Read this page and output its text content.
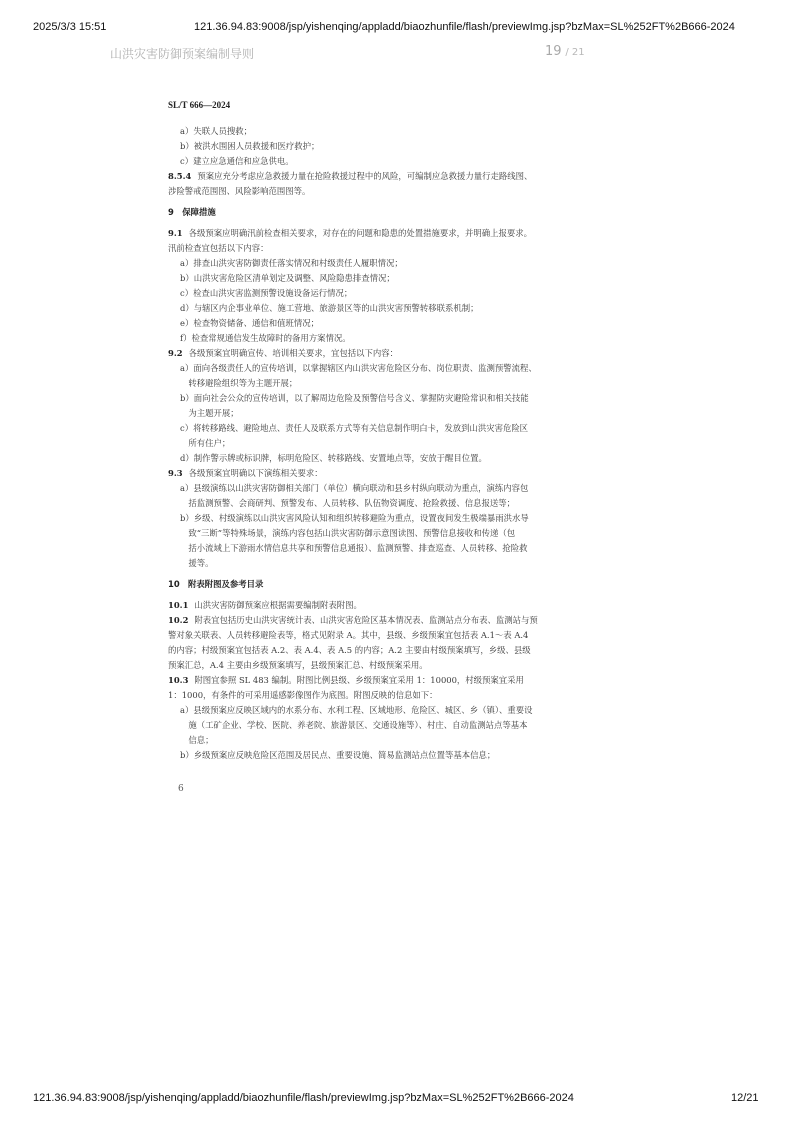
2025/3/3 15:51	121.36.94.83:9008/jsp/yishenqing/appladd/biaozhunfile/flash/previewImg.jsp?bzMax=SL%252FT%2B666-2024
山洪灾害防御预案编制导则	19 / 21
SL/T 666—2024
a）失联人员搜救；
b）被洪水围困人员救援和医疗救护；
c）建立应急通信和应急供电。
8.5.4 预案应充分考虑应急救援力量在抢险救援过程中的风险，可编制应急救援力量行走路线图、
涉险警戒范围图、风险影响范围图等。
9　保障措施
9.1 各级预案应明确汛前检查相关要求，对存在的问题和隐患的处置措施要求，并明确上报要求。
汛前检查宜包括以下内容：
a）排查山洪灾害防御责任落实情况和村级责任人履职情况；
b）山洪灾害危险区清单划定及调整、风险隐患排查情况；
c）检查山洪灾害监测预警设施设备运行情况；
d）与辖区内企事业单位、施工营地、旅游景区等的山洪灾害预警转移联系机制；
e）检查物资储备、通信和值班情况；
f）检查常规通信发生故障时的备用方案情况。
9.2 各级预案宜明确宣传、培训相关要求，宜包括以下内容：
a）面向各级责任人的宣传培训，以掌握辖区内山洪灾害危险区分布、岗位职责、监测预警流程、
　转移避险组织等为主题开展；
b）面向社会公众的宣传培训，以了解周边危险及预警信号含义、掌握防灾避险常识和相关技能
　为主题开展；
c）将转移路线、避险地点、责任人及联系方式等有关信息制作明白卡，发放到山洪灾害危险区
　所有住户；
d）制作警示牌或标识牌，标明危险区、转移路线、安置地点等，安放于醒目位置。
9.3 各级预案宜明确以下演练相关要求：
a）县级演练以山洪灾害防御相关部门（单位）横向联动和县乡村纵向联动为重点，演练内容包
　括监测预警、会商研判、预警发布、人员转移、队伍物资调度、抢险救援、信息报送等；
b）乡级、村级演练以山洪灾害风险认知和组织转移避险为重点，设置夜间发生极端暴雨洪水导
　致“三断”等特殊场景，演练内容包括山洪灾害防御示意图读图、预警信息接收和传递（包
　括小流域上下游雨水情信息共享和预警信息通报）、监测预警、排查巡查、人员转移、抢险救
　援等。
10　附表附图及参考目录
10.1 山洪灾害防御预案应根据需要编制附表附图。
10.2 附表宜包括历史山洪灾害统计表、山洪灾害危险区基本情况表、监测站点分布表、监测站与预
警对象关联表、人员转移避险表等，格式见附录 A。其中，县级、乡级预案宜包括表 A.1～表 A.4
的内容；村级预案宜包括表 A.2、表 A.4、表 A.5 的内容；A.2 主要由村级预案填写，乡级、县级
预案汇总，A.4 主要由乡级预案填写，县级预案汇总、村级预案采用。
10.3 附图宜参照 SL 483 编制。附图比例县级、乡级预案宜采用 1：10000，村级预案宜采用
1：1000，有条件的可采用遥感影像图作为底图。附图反映的信息如下：
a）县级预案应反映区域内的水系分布、水利工程、区域地形、危险区、城区、乡（镇）、重要设
　施（工矿企业、学校、医院、养老院、旅游景区、交通设施等）、村庄、自动监测站点等基本
　信息；
b）乡级预案应反映危险区范围及居民点、重要设施、简易监测站点位置等基本信息；
6
121.36.94.83:9008/jsp/yishenqing/appladd/biaozhunfile/flash/previewImg.jsp?bzMax=SL%252FT%2B666-2024	12/21
